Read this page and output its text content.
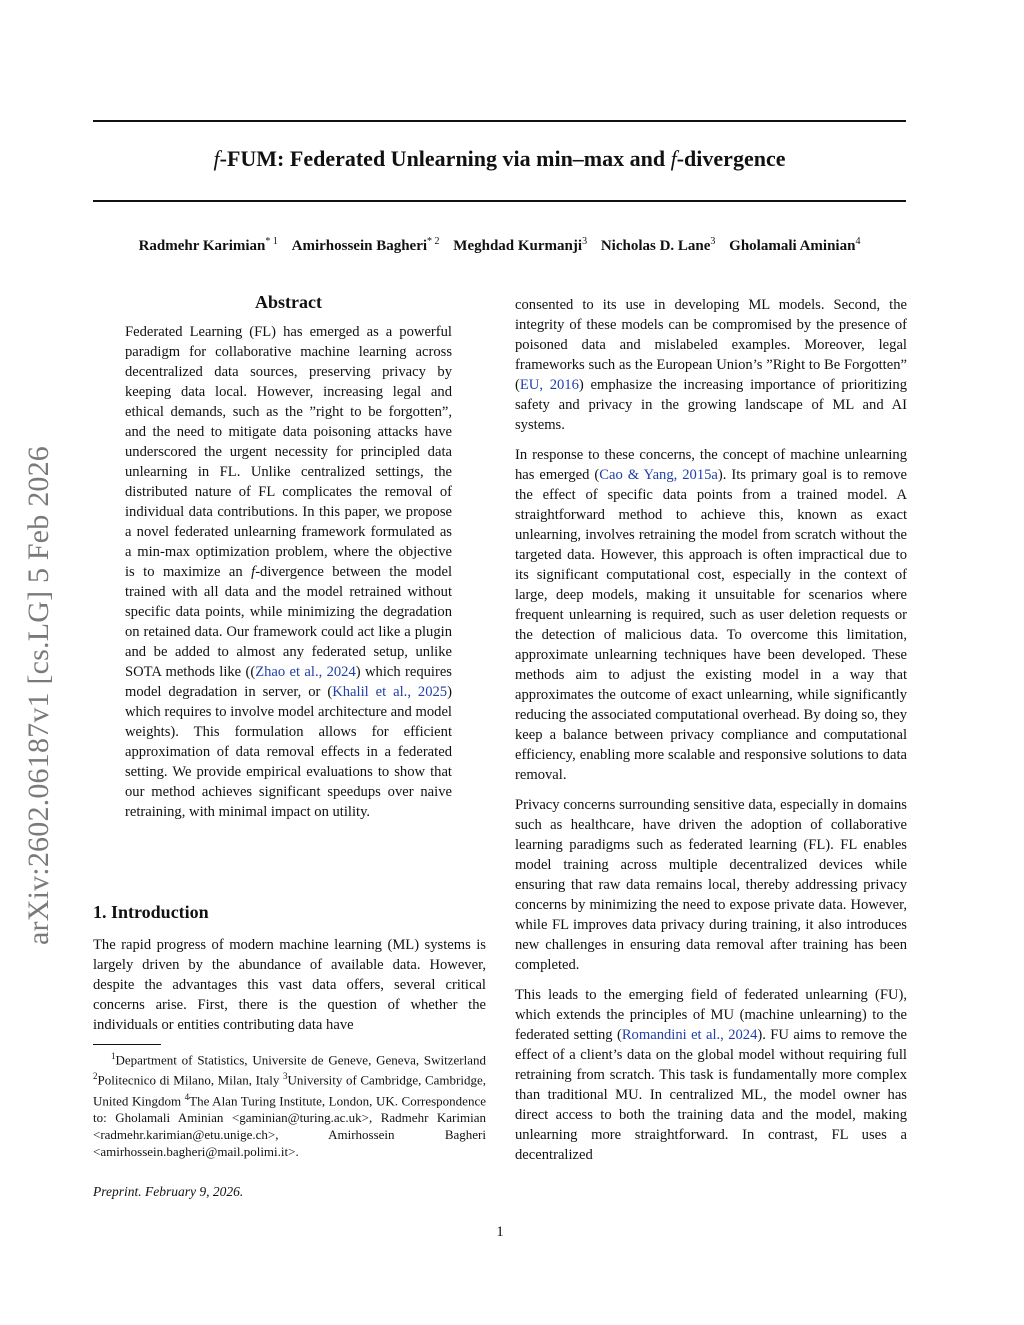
arXiv:2602.06187v1 [cs.LG] 5 Feb 2026
f-FUM: Federated Unlearning via min–max and f-divergence
Radmehr Karimian$^{* 1}$ Amirhossein Bagheri$^{* 2}$ Meghdad Kurmanji$^3$ Nicholas D. Lane$^3$ Gholamali Aminian$^4$
Abstract

Federated Learning (FL) has emerged as a powerful paradigm for collaborative machine learning across decentralized data sources, preserving privacy by keeping data local. However, increasing legal and ethical demands, such as the ”right to be forgotten”, and the need to mitigate data poisoning attacks have underscored the urgent necessity for principled data unlearning in FL. Unlike centralized settings, the distributed nature of FL complicates the removal of individual data contributions. In this paper, we propose a novel federated unlearning framework formulated as a min-max optimization problem, where the objective is to maximize an f-divergence between the model trained with all data and the model retrained without specific data points, while minimizing the degradation on retained data. Our framework could act like a plugin and be added to almost any federated setup, unlike SOTA methods like ((Zhao et al., 2024) which requires model degradation in server, or (Khalil et al., 2025) which requires to involve model architecture and model weights). This formulation allows for efficient approximation of data removal effects in a federated setting. We provide empirical evaluations to show that our method achieves significant speedups over naive retraining, with minimal impact on utility.

1. Introduction

The rapid progress of modern machine learning (ML) systems is largely driven by the abundance of available data. However, despite the advantages this vast data offers, several critical concerns arise. First, there is the question of whether the individuals or entities contributing data have

consented to its use in developing ML models. Second, the integrity of these models can be compromised by the presence of poisoned data and mislabeled examples. Moreover, legal frameworks such as the European Union’s ”Right to Be Forgotten” (EU, 2016) emphasize the increasing importance of prioritizing safety and privacy in the growing landscape of ML and AI systems.

In response to these concerns, the concept of machine unlearning has emerged (Cao & Yang, 2015a). Its primary goal is to remove the effect of specific data points from a trained model. A straightforward method to achieve this, known as exact unlearning, involves retraining the model from scratch without the targeted data. However, this approach is often impractical due to its significant computational cost, especially in the context of large, deep models, making it unsuitable for scenarios where frequent unlearning is required, such as user deletion requests or the detection of malicious data. To overcome this limitation, approximate unlearning techniques have been developed. These methods aim to adjust the existing model in a way that approximates the outcome of exact unlearning, while significantly reducing the associated computational overhead. By doing so, they keep a balance between privacy compliance and computational efficiency, enabling more scalable and responsive solutions to data removal.

Privacy concerns surrounding sensitive data, especially in domains such as healthcare, have driven the adoption of collaborative learning paradigms such as federated learning (FL). FL enables model training across multiple decentralized devices while ensuring that raw data remains local, thereby addressing privacy concerns by minimizing the need to expose private data. However, while FL improves data privacy during training, it also introduces new challenges in ensuring data removal after training has been completed.

This leads to the emerging field of federated unlearning (FU), which extends the principles of MU (machine unlearning) to the federated setting (Romandini et al., 2024). FU aims to remove the effect of a client’s data on the global model without requiring full retraining from scratch. This task is fundamentally more complex than traditional MU. In centralized ML, the model owner has direct access to both the training data and the model, making unlearning more straightforward. In contrast, FL uses a decentralized

$^1$Department of Statistics, Universite de Geneve, Geneva, Switzerland $^2$Politecnico di Milano, Milan, Italy $^3$University of Cambridge, Cambridge, United Kingdom $^4$The Alan Turing Institute, London, UK. Correspondence to: Gholamali Aminian <gaminian@turing.ac.uk>, Radmehr Karimian <radmehr.karimian@etu.unige.ch>, Amirhossein Bagheri <amirhossein.bagheri@mail.polimi.it>.
Preprint. February 9, 2026.
1
